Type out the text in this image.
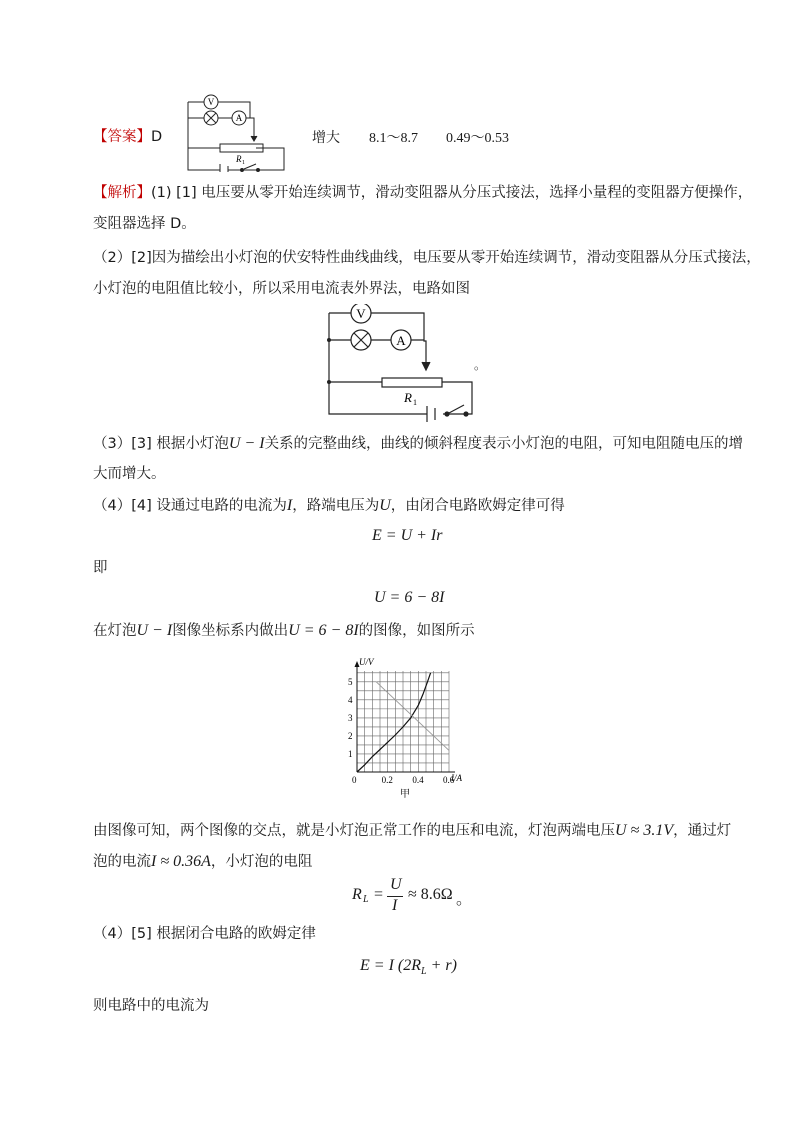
【答案】D
V
A
R 1
增大 8.1～8.7 0.49～0.53
【解析】(1) [1] 电压要从零开始连续调节，滑动变阻器从分压式接法，选择小量程的变阻器方便操作，
变阻器选择 D。
（2）[2]因为描绘出小灯泡的伏安特性曲线曲线，电压要从零开始连续调节，滑动变阻器从分压式接法，
小灯泡的电阻值比较小，所以采用电流表外界法，电路如图
V
A
R 1
。
（3）[3] 根据小灯泡U − I关系的完整曲线，曲线的倾斜程度表示小灯泡的电阻，可知电阻随电压的增
大而增大。
（4）[4] 设通过电路的电流为I，路端电压为U，由闭合电路欧姆定律可得
E = U + Ir
即
U = 6 − 8I
在灯泡U − I图像坐标系内做出U = 6 − 8I的图像，如图所示
0	0.2 0.4 0.6
1
2
3
4
5
U/V
I/A
甲
由图像可知，两个图像的交点，就是小灯泡正常工作的电压和电流，灯泡两端电压U ≈ 3.1V，通过灯
泡的电流I ≈ 0.36A，小灯泡的电阻
R L =
U
I
≈ 8.6Ω 。
（4）[5] 根据闭合电路的欧姆定律
E = I $(2R_L + r)$
则电路中的电流为
